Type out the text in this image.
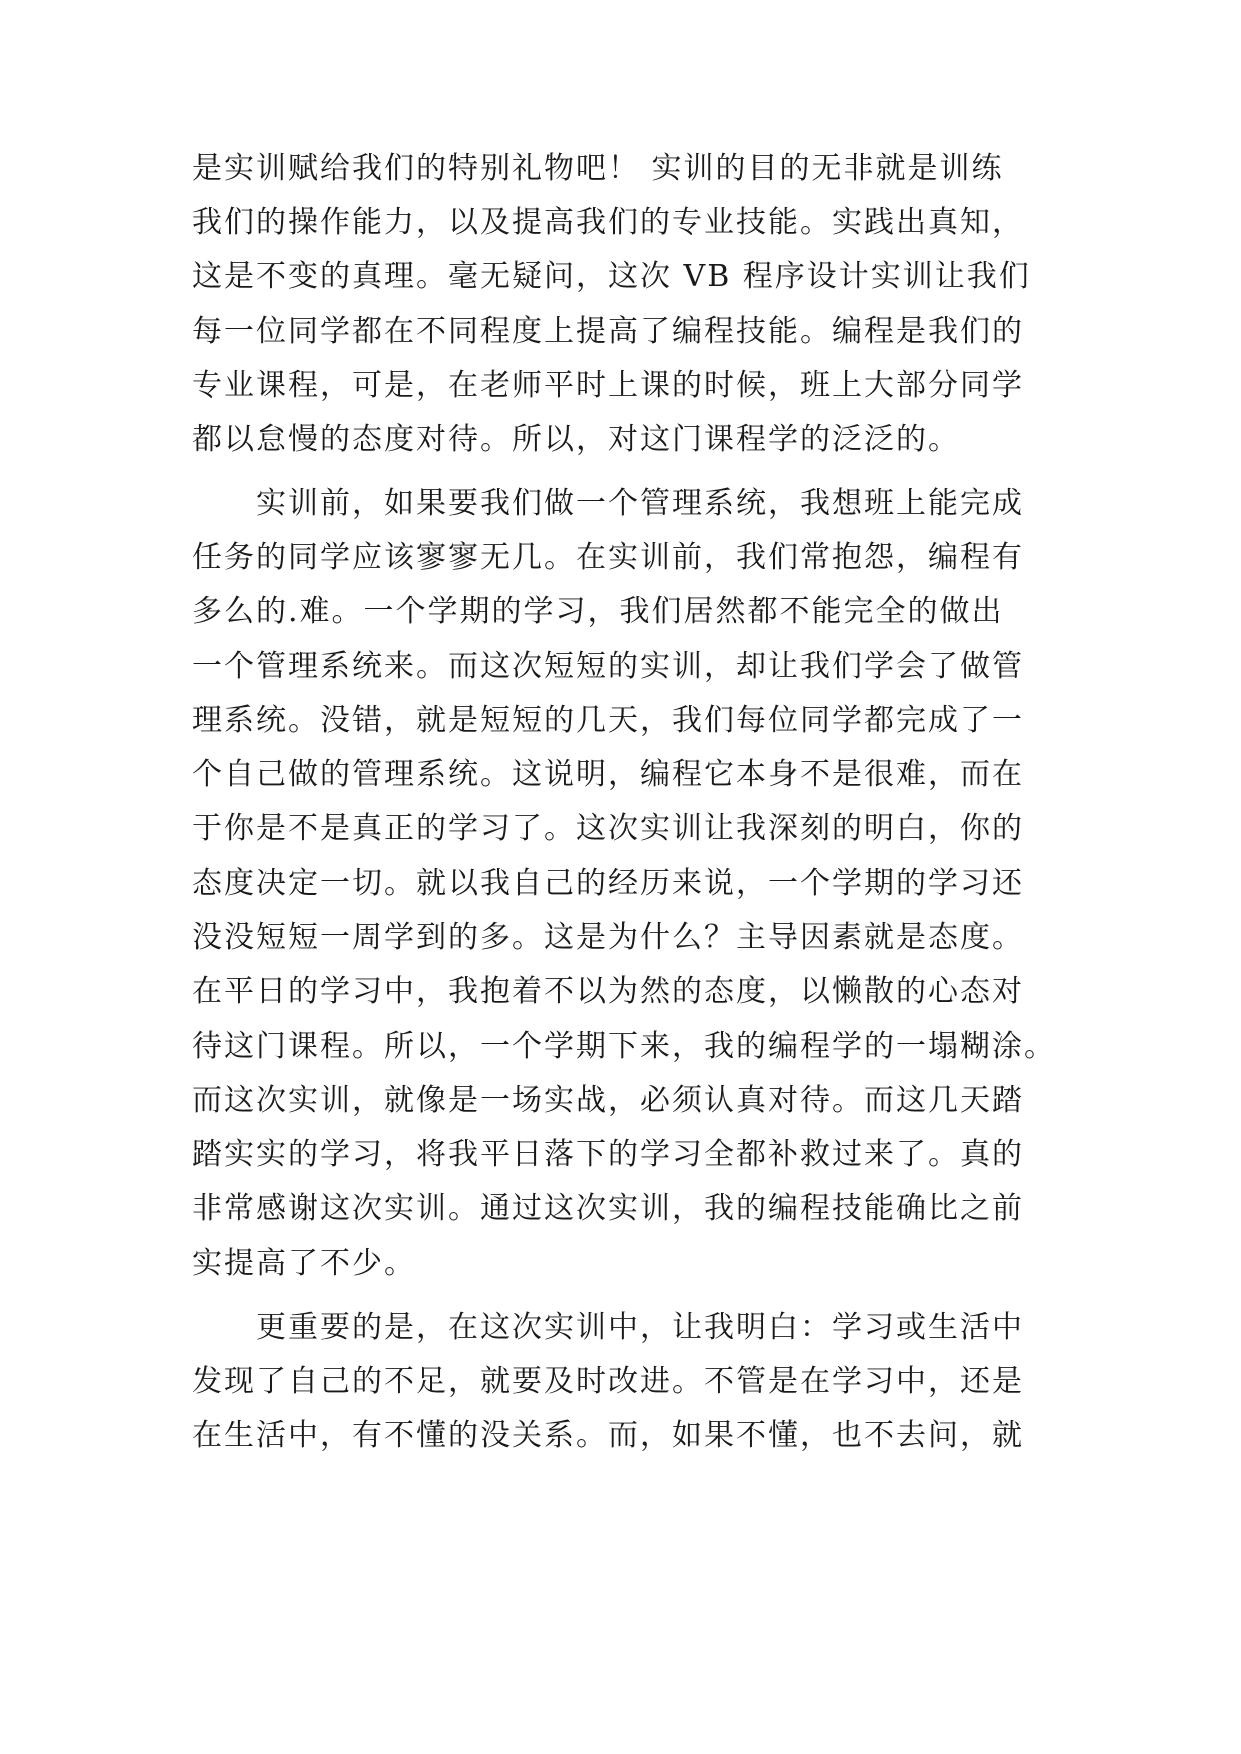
是实训赋给我们的特别礼物吧！ 实训的目的无非就是训练
我们的操作能力，以及提高我们的专业技能。实践出真知，
这是不变的真理。毫无疑问，这次 VB 程序设计实训让我们
每一位同学都在不同程度上提高了编程技能。编程是我们的
专业课程，可是，在老师平时上课的时候，班上大部分同学
都以怠慢的态度对待。所以，对这门课程学的泛泛的。
　　实训前，如果要我们做一个管理系统，我想班上能完成
任务的同学应该寥寥无几。在实训前，我们常抱怨，编程有
多么的.难。一个学期的学习，我们居然都不能完全的做出
一个管理系统来。而这次短短的实训，却让我们学会了做管
理系统。没错，就是短短的几天，我们每位同学都完成了一
个自己做的管理系统。这说明，编程它本身不是很难，而在
于你是不是真正的学习了。这次实训让我深刻的明白，你的
态度决定一切。就以我自己的经历来说，一个学期的学习还
没没短短一周学到的多。这是为什么？主导因素就是态度。
在平日的学习中，我抱着不以为然的态度，以懒散的心态对
待这门课程。所以，一个学期下来，我的编程学的一塌糊涂。
而这次实训，就像是一场实战，必须认真对待。而这几天踏
踏实实的学习，将我平日落下的学习全都补救过来了。真的
非常感谢这次实训。通过这次实训，我的编程技能确比之前
实提高了不少。
　　更重要的是，在这次实训中，让我明白：学习或生活中
发现了自己的不足，就要及时改进。不管是在学习中，还是
在生活中，有不懂的没关系。而，如果不懂，也不去问，就
